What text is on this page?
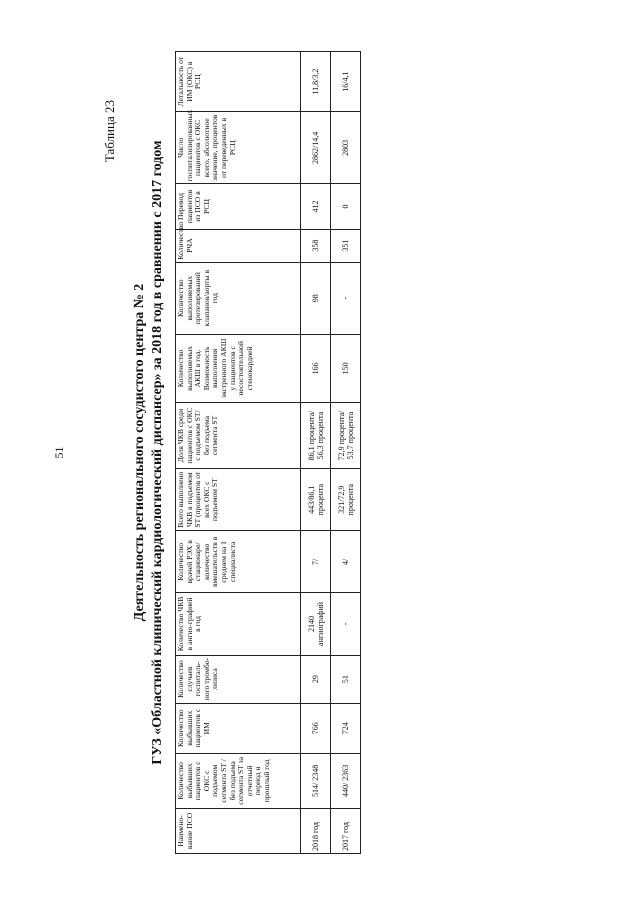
51
Таблица 23
Деятельность регионального сосудистого центра № 2 ГУЗ «Областной клинический кардиологический диспансер» за 2018 год в сравнении с 2017 годом
Наимено-вание ПСО	Количество выбывших пациентов с ОКС с подъемом сегмента ST / без подъема сегмента ST за отчетный период и прошлый год	Количество выбывших пациентов с ИМ	Количество случаев госпиталь-ного тромбо-лизиса	Количество ЧКВ в ангио-графией в год	Количество врачей РЭХ в стационаре/ количество вмешательств в среднем на 1 специалиста	Всего выполнено ЧКВ в подъемом ST (процентов от всех ОКС с подъемом ST	Доля ЧКВ среди пациентов с ОКС с подъемом ST/ без подъема сегмента ST	Количество выполняемых АКШ в год. Возможность выполнения экстренного АКШ у пациентов с несостоятельной стенокардией	Количество выполняемых протезирований клапанов/аорты в год	Количество РЧА	Перевод пациентов из ПСО в РСЦ	Число госпитализированных пациентов с ОКС всего, абсолютное значение, процентов от переведенных в РСЦ	Летальность от ИМ (ОКС) в РСЦ
2018 год	514/ 2348	766	29	2140 ангиографий	7/	443/86,1 процента	86,1 процента/ 56,3 процента	166	98	358	412	2862/14,4	11,8/3,2
2017 год	440/ 2363	724	51	-	4/	321/72,9 процента	72,9 процента/ 53,7 процента	150	-	351	0	2803	16/4,1
